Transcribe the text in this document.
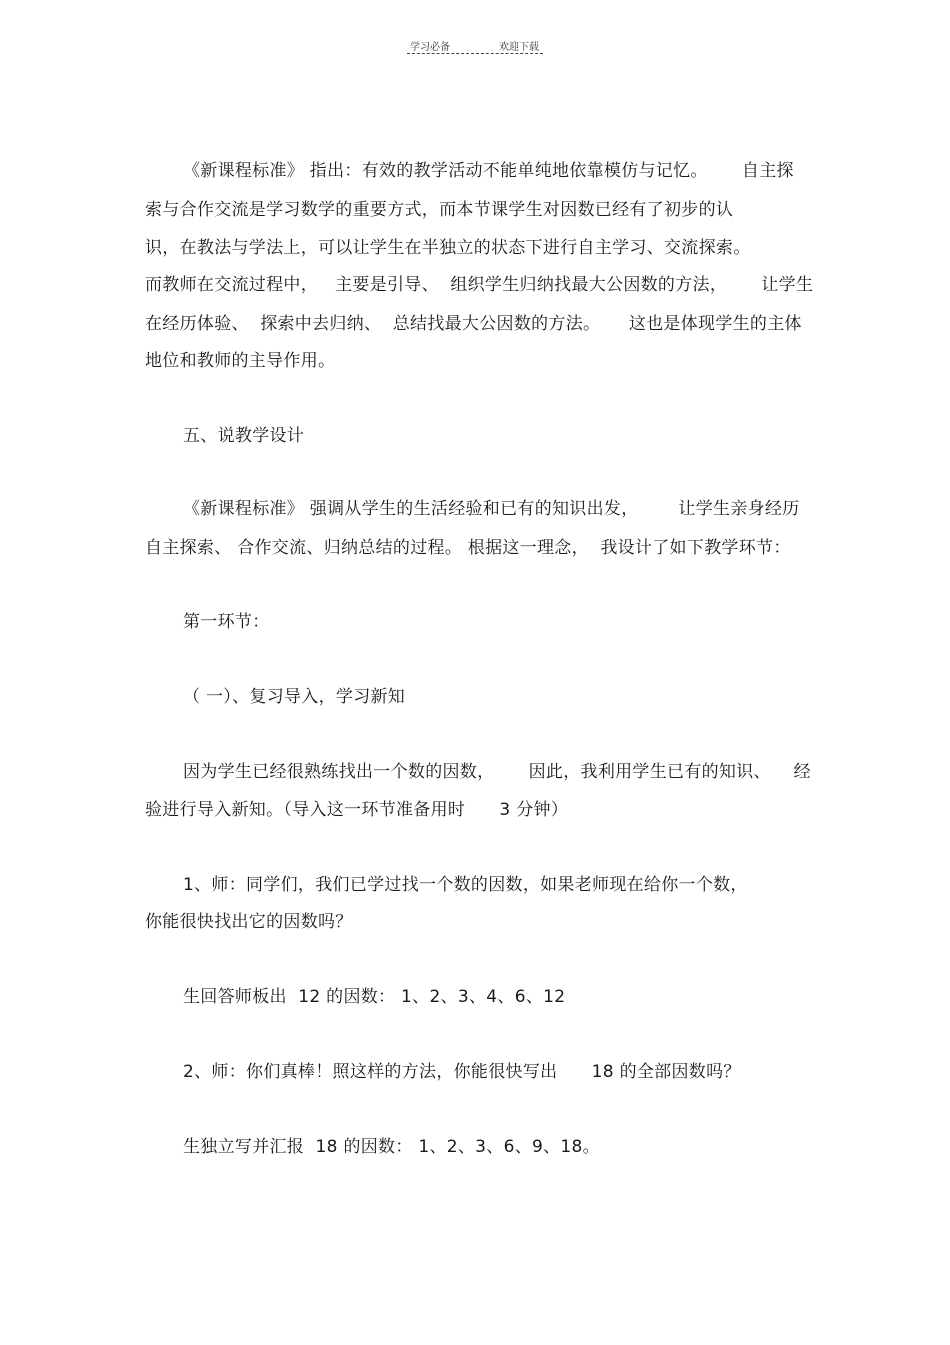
学习必备	欢迎下载
《新课程标准》 指出：有效的教学活动不能单纯地依靠模仿与记忆。      自主探
索与合作交流是学习数学的重要方式，而本节课学生对因数已经有了初步的认
识，在教法与学法上，可以让学生在半独立的状态下进行自主学习、交流探索。
而教师在交流过程中，   主要是引导、  组织学生归纳找最大公因数的方法，      让学生
在经历体验、  探索中去归纳、  总结找最大公因数的方法。     这也是体现学生的主体
地位和教师的主导作用。
五、说教学设计
《新课程标准》 强调从学生的生活经验和已有的知识出发，       让学生亲身经历
自主探索、 合作交流、归纳总结的过程。 根据这一理念，  我设计了如下教学环节：
第一环节：
（ 一）、复习导入，学习新知
因为学生已经很熟练找出一个数的因数，      因此，我利用学生已有的知识、    经
验进行导入新知。（导入这一环节准备用时      3 分钟）
1、师：同学们，我们已学过找一个数的因数，如果老师现在给你一个数，
你能很快找出它的因数吗？
生回答师板出  12 的因数： 1、2、3、4、6、12
2、师：你们真棒！照这样的方法，你能很快写出      18 的全部因数吗？
生独立写并汇报  18 的因数： 1、2、3、6、9、18。
